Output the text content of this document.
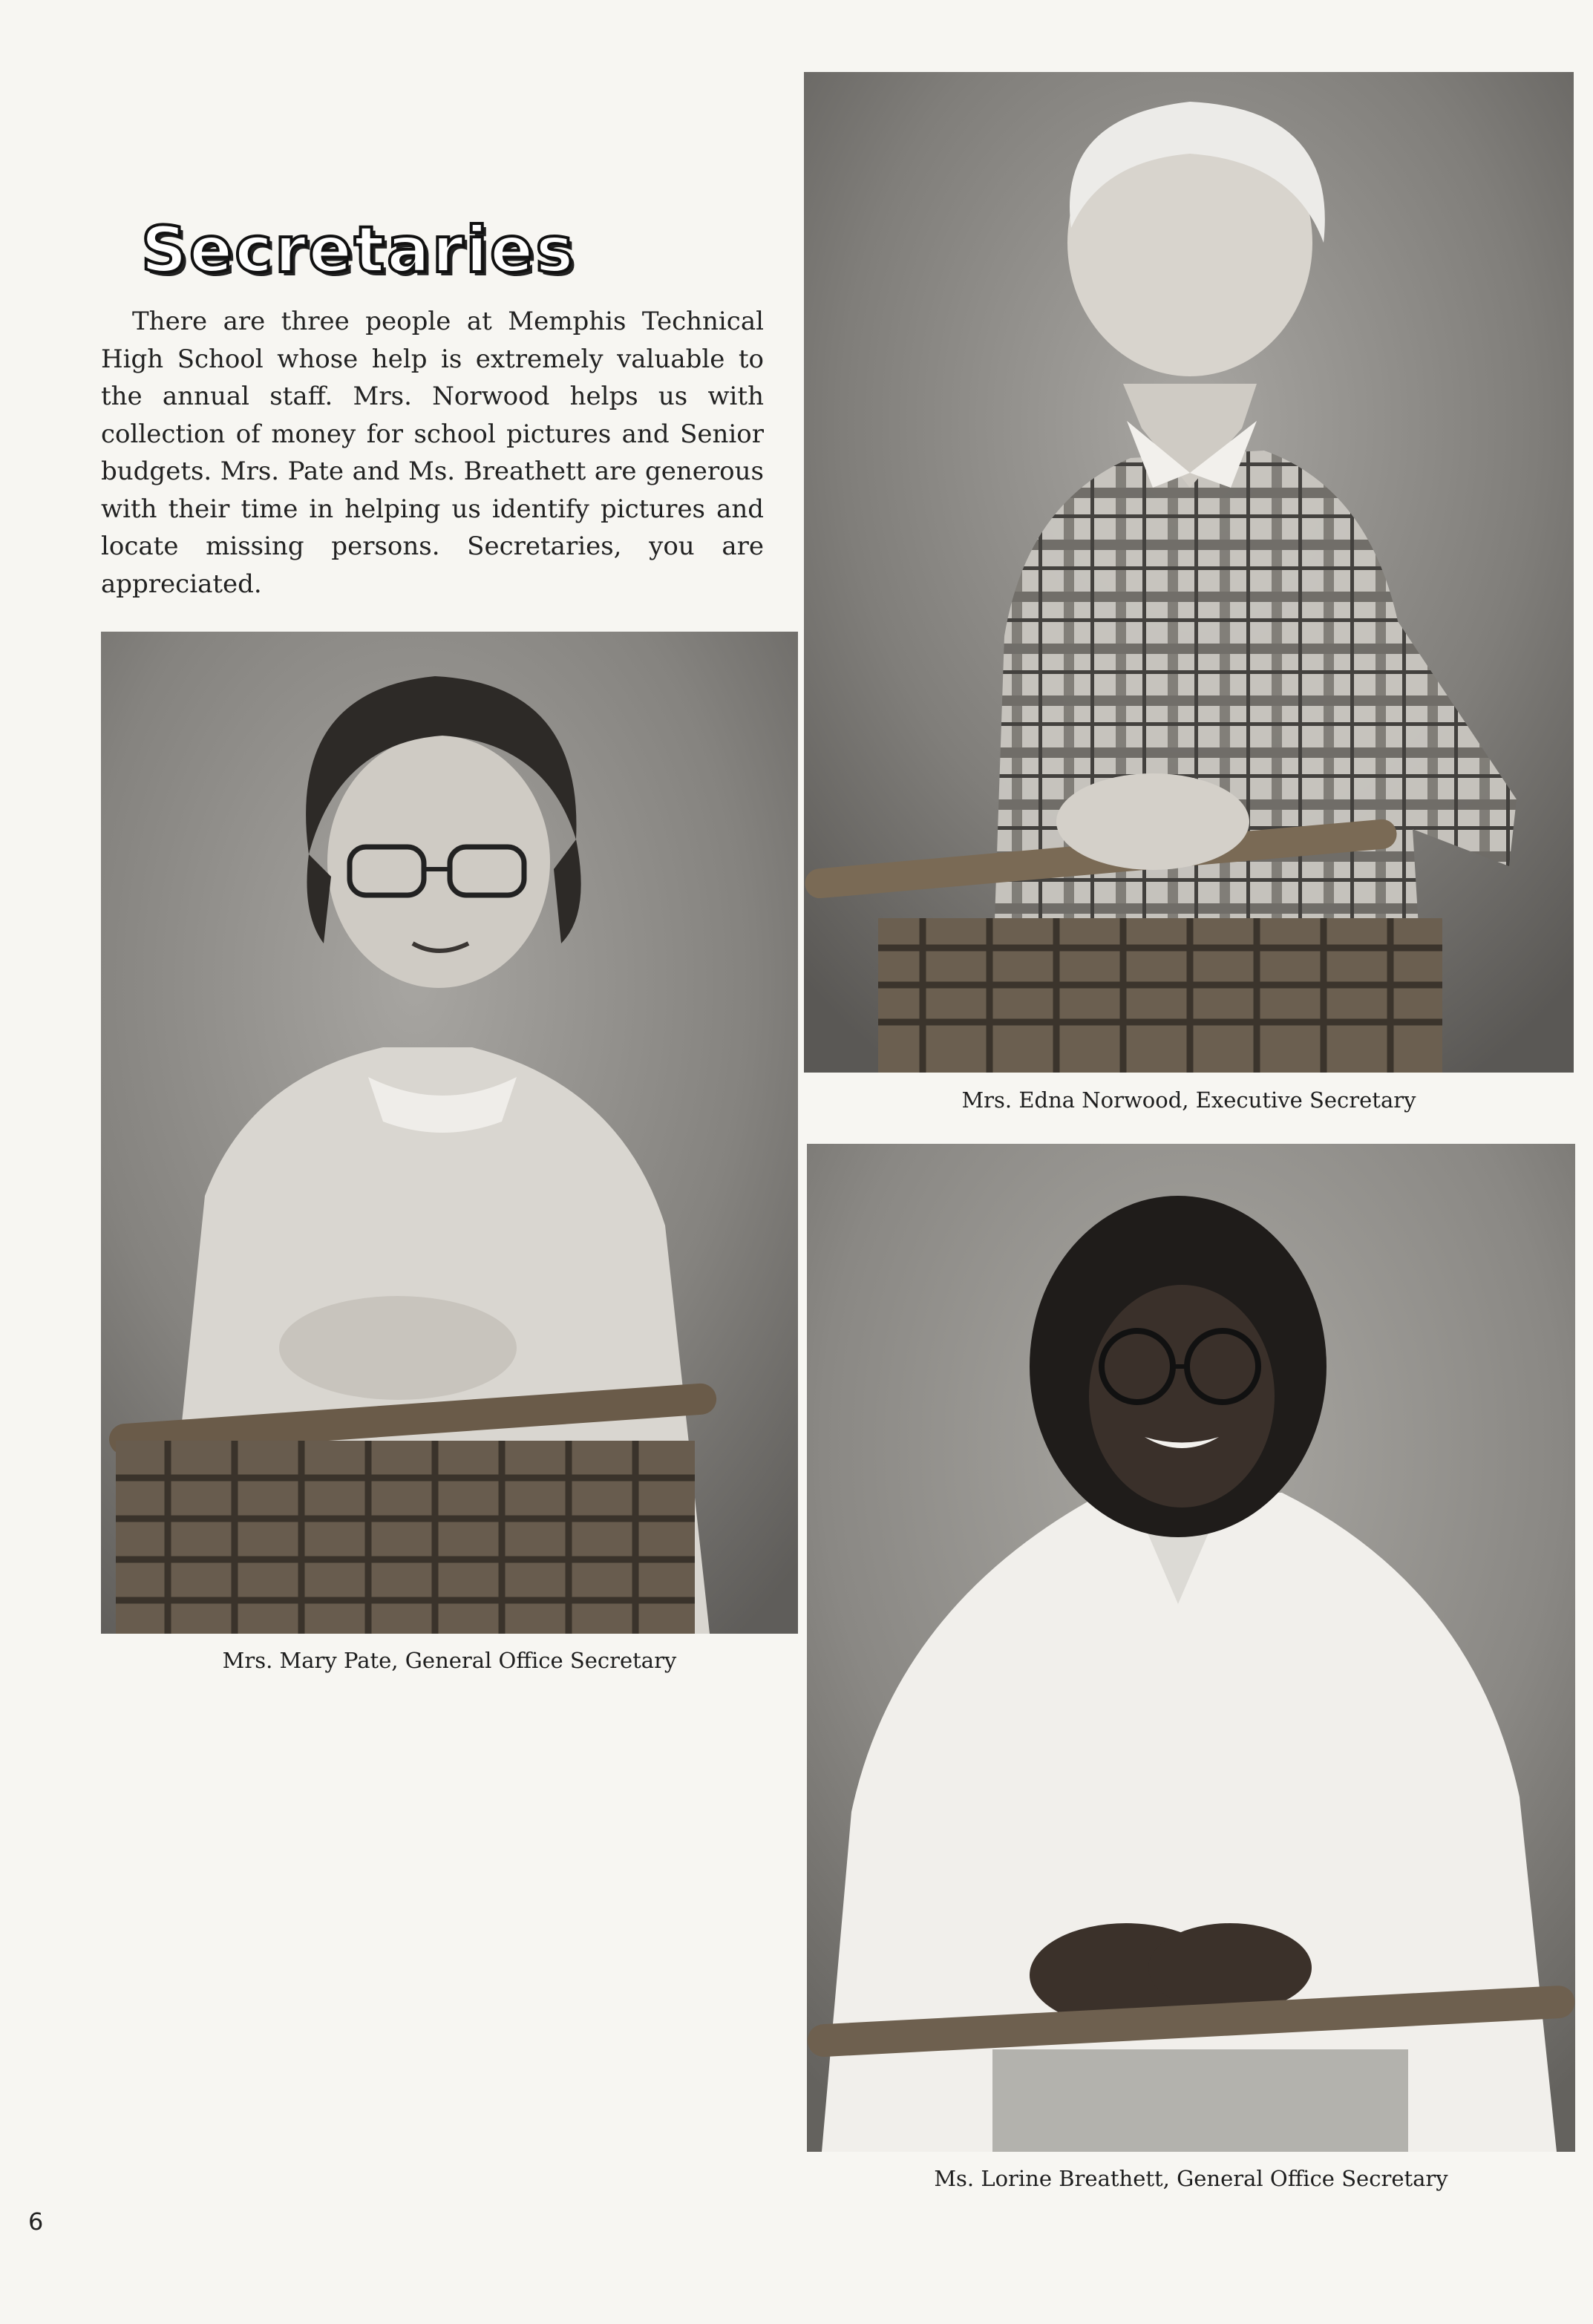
Secretaries

There are three people at Memphis Technical High School whose help is extremely valuable to the annual staff. Mrs. Norwood helps us with collection of money for school pictures and Senior budgets. Mrs. Pate and Ms. Breathett are generous with their time in helping us identify pictures and locate missing persons. Secretaries, you are appreciated.

Mrs. Edna Norwood, Executive Secretary
Mrs. Mary Pate, General Office Secretary
Ms. Lorine Breathett, General Office Secretary
6
